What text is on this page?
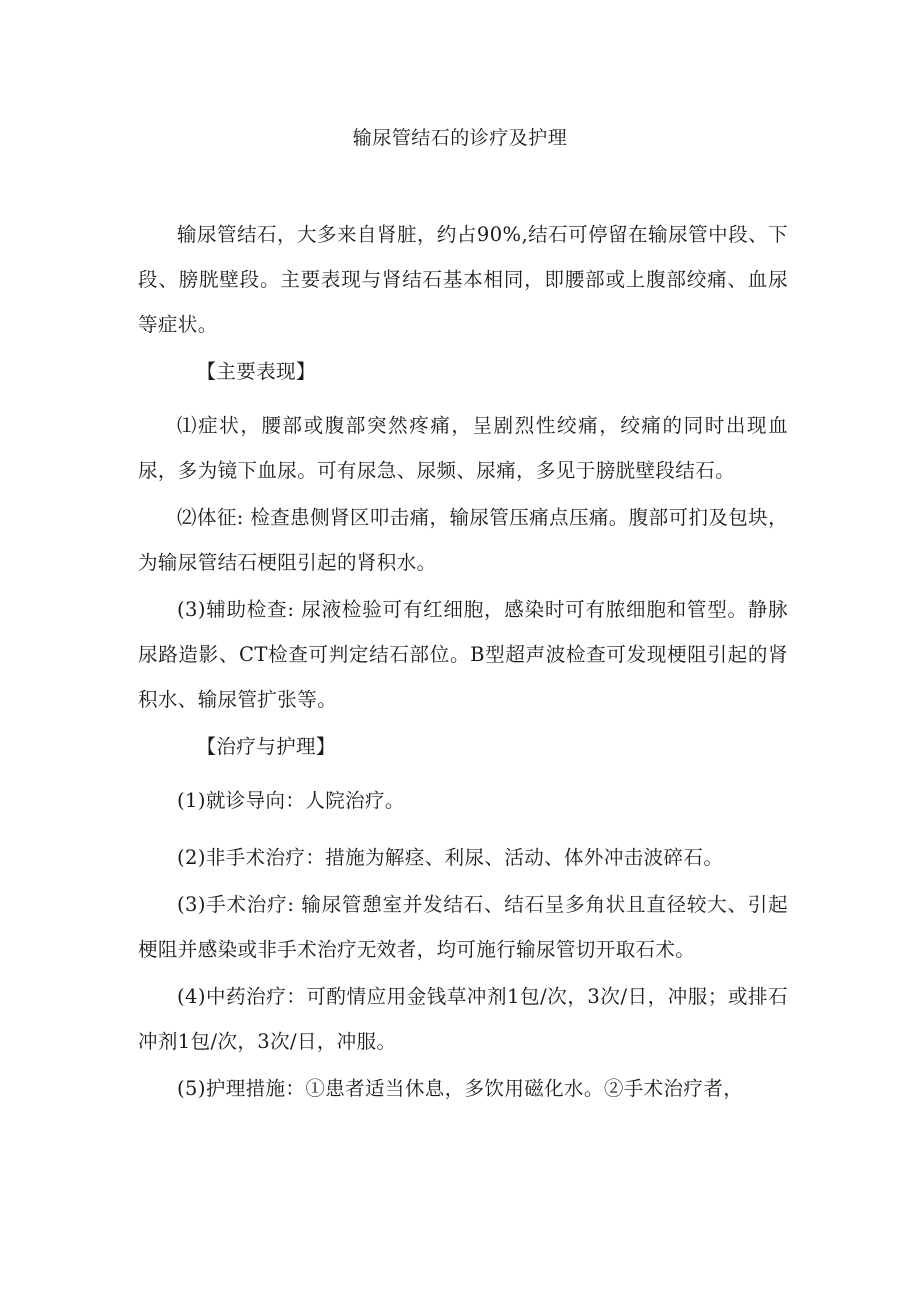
输尿管结石的诊疗及护理

输尿管结石，大多来自肾脏，约占90%,结石可停留在输尿管中段、下段、膀胱壁段。主要表现与肾结石基本相同，即腰部或上腹部绞痛、血尿等症状。

【主要表现】

⑴症状，腰部或腹部突然疼痛，呈剧烈性绞痛，绞痛的同时出现血尿，多为镜下血尿。可有尿急、尿频、尿痛，多见于膀胱壁段结石。

⑵体征: 检查患侧肾区叩击痛，输尿管压痛点压痛。腹部可扪及包块，为输尿管结石梗阻引起的肾积水。

(3)辅助检查: 尿液检验可有红细胞，感染时可有脓细胞和管型。静脉尿路造影、CT检查可判定结石部位。B型超声波检查可发现梗阻引起的肾积水、输尿管扩张等。

【治疗与护理】

(1)就诊导向：人院治疗。

(2)非手术治疗：措施为解痉、利尿、活动、体外冲击波碎石。

(3)手术治疗: 输尿管憩室并发结石、结石呈多角状且直径较大、引起梗阻并感染或非手术治疗无效者，均可施行输尿管切开取石术。

(4)中药治疗：可酌情应用金钱草冲剂1包/次，3次/日，冲服；或排石冲剂1包/次，3次/日，冲服。

(5)护理措施：①患者适当休息，多饮用磁化水。②手术治疗者，
